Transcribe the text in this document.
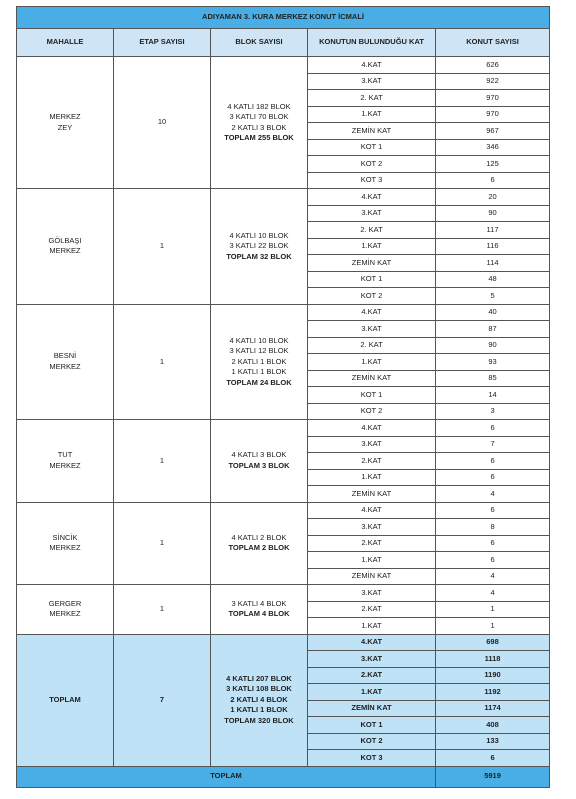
ADIYAMAN 3. KURA MERKEZ KONUT İCMALİ				
MAHALLE	ETAP SAYISI	BLOK SAYISI	KONUTUN BULUNDUĞU KAT	KONUT SAYISI

MERKEZ
ZEY	10	4 KATLI 182 BLOK
3 KATLI 70 BLOK
2 KATLI 3 BLOK
TOPLAM 255 BLOK	4.KAT	626
			3.KAT	922
			2. KAT	970
			1.KAT	970
			ZEMİN KAT	967
			KOT 1	346
			KOT 2	125
			KOT 3	6

GÖLBAŞI
MERKEZ	1	4 KATLI 10 BLOK
3 KATLI 22 BLOK
TOPLAM 32 BLOK	4.KAT	20
			3.KAT	90
			2. KAT	117
			1.KAT	116
			ZEMİN KAT	114
			KOT 1	48
			KOT 2	5

BESNİ
MERKEZ	1	4 KATLI 10 BLOK
3 KATLI 12 BLOK
2 KATLI 1 BLOK
1 KATLI 1 BLOK
TOPLAM 24 BLOK	4.KAT	40
			3.KAT	87
			2. KAT	90
			1.KAT	93
			ZEMİN KAT	85
			KOT 1	14
			KOT 2	3

TUT
MERKEZ	1	4 KATLI 3 BLOK
TOPLAM 3 BLOK	4.KAT	6
			3.KAT	7
			2.KAT	6
			1.KAT	6
			ZEMİN KAT	4

SİNCİK
MERKEZ	1	4 KATLI 2 BLOK
TOPLAM 2 BLOK	4.KAT	6
			3.KAT	8
			2.KAT	6
			1.KAT	6
			ZEMİN KAT	4

GERGER
MERKEZ	1	3 KATLI 4 BLOK
TOPLAM 4 BLOK	3.KAT	4
			2.KAT	1
			1.KAT	1

TOPLAM	7	4 KATLI 207 BLOK
3 KATLI 108 BLOK
2 KATLI 4 BLOK
1 KATLI 1 BLOK
TOPLAM 320 BLOK	4.KAT	698
			3.KAT	1118
			2.KAT	1190
			1.KAT	1192
			ZEMİN KAT	1174
			KOT 1	408
			KOT 2	133
			KOT 3	6
TOPLAM				5919
